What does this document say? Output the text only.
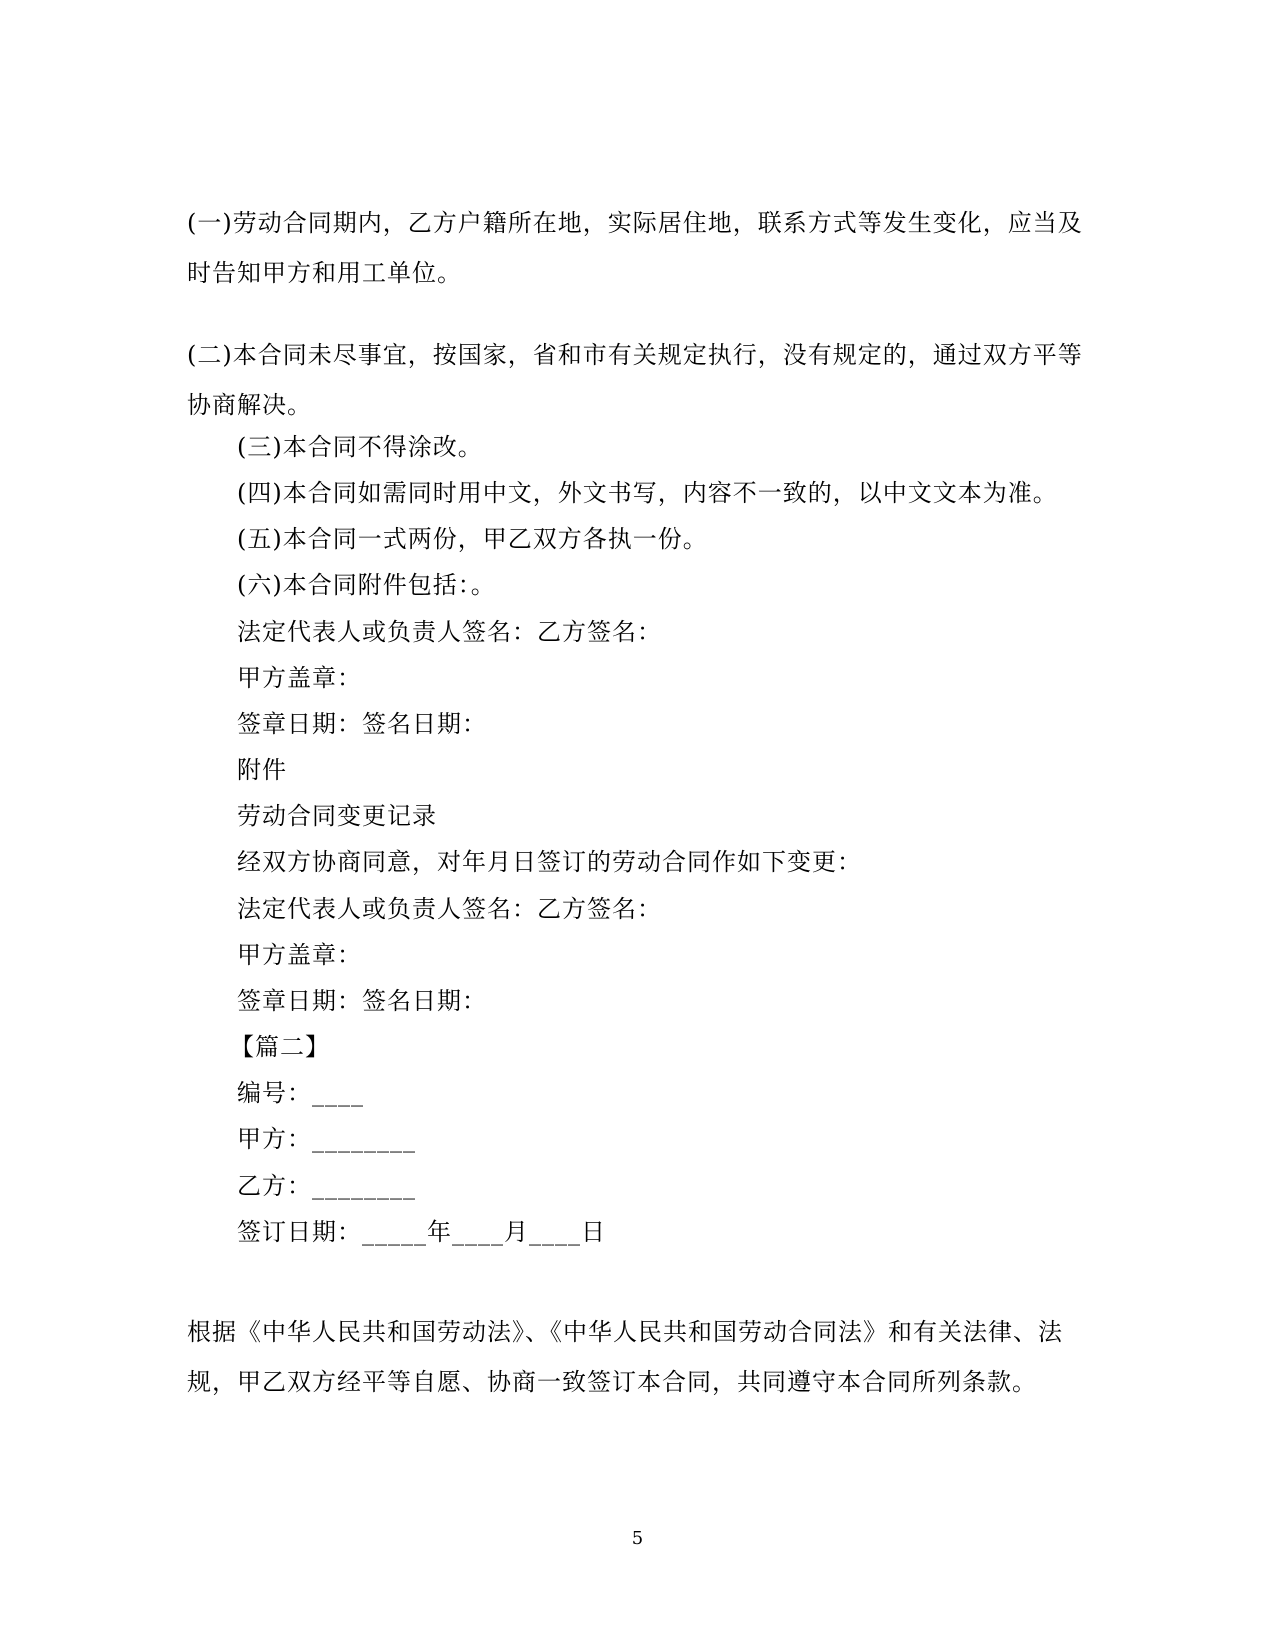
(一)劳动合同期内，乙方户籍所在地，实际居住地，联系方式等发生变化，应当及时告知甲方和用工单位。

(二)本合同未尽事宜，按国家，省和市有关规定执行，没有规定的，通过双方平等协商解决。

(三)本合同不得涂改。

(四)本合同如需同时用中文，外文书写，内容不一致的，以中文文本为准。

(五)本合同一式两份，甲乙双方各执一份。

(六)本合同附件包括：。

法定代表人或负责人签名：乙方签名：

甲方盖章：

签章日期：签名日期：

附件

劳动合同变更记录

经双方协商同意，对年月日签订的劳动合同作如下变更：

法定代表人或负责人签名：乙方签名：

甲方盖章：

签章日期：签名日期：

【篇二】

编号：____

甲方：________

乙方：________

签订日期：_____年____月____日

根据《中华人民共和国劳动法》、《中华人民共和国劳动合同法》和有关法律、法规，甲乙双方经平等自愿、协商一致签订本合同，共同遵守本合同所列条款。

5
